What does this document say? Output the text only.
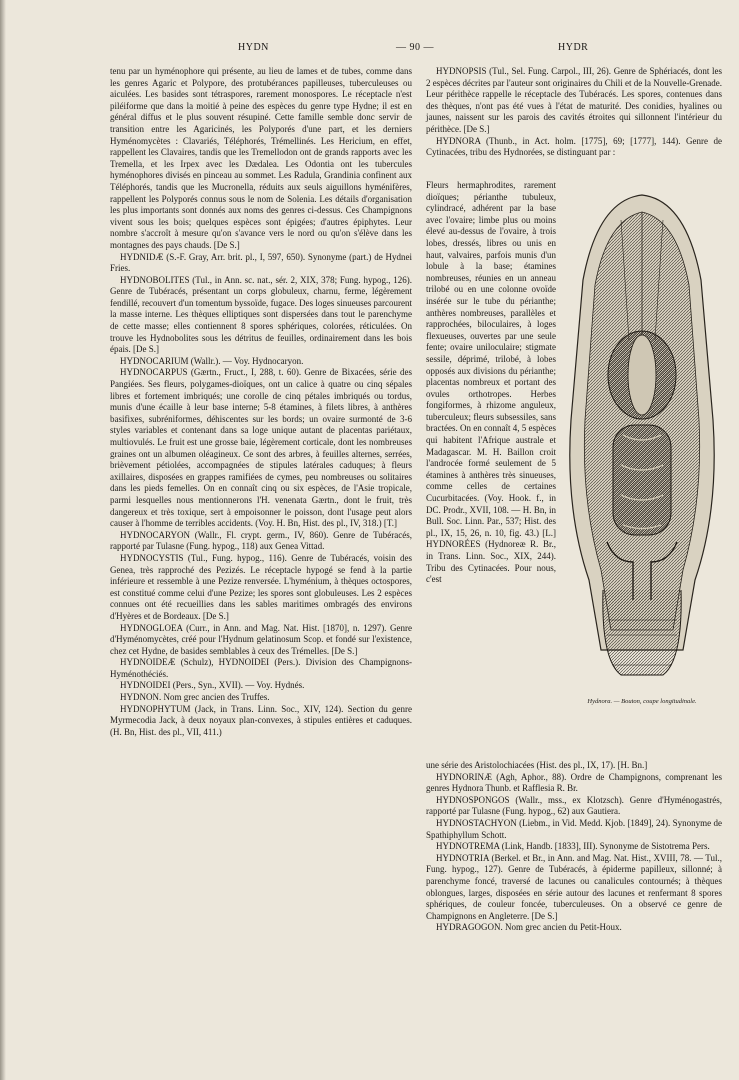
HYDN	— 90 —	HYDR

tenu par un hyménophore qui présente, au lieu de lames et de tubes, comme dans les genres Agaric et Polypore, des protubérances papilleuses, tuberculeuses ou aiculées. Les basides sont tétraspores, rarement monospores. Le réceptacle n'est piléiforme que dans la moitié à peine des espèces du genre type Hydne; il est en général diffus et le plus souvent résupiné. Cette famille semble donc servir de transition entre les Agaricinés, les Polyporés d'une part, et les derniers Hyménomycètes : Clavariés, Téléphorés, Trémellinés. Les Hericium, en effet, rappellent les Clavaires, tandis que les Tremellodon ont de grands rapports avec les Tremella, et les Irpex avec les Dædalea. Les Odontia ont les tubercules hyménophores divisés en pinceau au sommet. Les Radula, Grandinia confinent aux Téléphorés, tandis que les Mucronella, réduits aux seuls aiguillons hyménifères, rappellent les Polyporés connus sous le nom de Solenia. Les détails d'organisation les plus importants sont donnés aux noms des genres ci-dessus. Ces Champignons vivent sous les bois; quelques espèces sont épigées; d'autres épiphytes. Leur nombre s'accroît à mesure qu'on s'avance vers le nord ou qu'on s'élève dans les montagnes des pays chauds. [De S.]

HYDNIDÆ (S.-F. Gray, Arr. brit. pl., I, 597, 650). Synonyme (part.) de Hydnei Fries.

HYDNOBOLITES (Tul., in Ann. sc. nat., sér. 2, XIX, 378; Fung. hypog., 126). Genre de Tubéracés, présentant un corps globuleux, charnu, ferme, légèrement fendillé, recouvert d'un tomentum byssoïde, fugace. Des loges sinueuses parcourent la masse interne. Les thèques elliptiques sont dispersées dans tout le parenchyme de cette masse; elles contiennent 8 spores sphériques, colorées, réticulées. On trouve les Hydnobolites sous les détritus de feuilles, ordinairement dans les bois épais. [De S.]

HYDNOCARIUM (Wallr.). — Voy. Hydnocaryon.

HYDNOCARPUS (Gærtn., Fruct., I, 288, t. 60). Genre de Bixacées, série des Pangiées. Ses fleurs, polygames-dioïques, ont un calice à quatre ou cinq sépales libres et fortement imbriqués; une corolle de cinq pétales imbriqués ou tordus, munis d'une écaille à leur base interne; 5-8 étamines, à filets libres, à anthères basifixes, subréniformes, déhiscentes sur les bords; un ovaire surmonté de 3-6 styles variables et contenant dans sa loge unique autant de placentas pariétaux, multiovulés. Le fruit est une grosse baie, légèrement corticale, dont les nombreuses graines ont un albumen oléagineux. Ce sont des arbres, à feuilles alternes, serrées, brièvement pétiolées, accompagnées de stipules latérales caduques; à fleurs axillaires, disposées en grappes ramifiées de cymes, peu nombreuses ou solitaires dans les pieds femelles. On en connaît cinq ou six espèces, de l'Asie tropicale, parmi lesquelles nous mentionnerons l'H. venenata Gærtn., dont le fruit, très dangereux et très toxique, sert à empoisonner le poisson, dont l'usage peut alors causer à l'homme de terribles accidents. (Voy. H. Bn, Hist. des pl., IV, 318.) [T.]

HYDNOCARYON (Wallr., Fl. crypt. germ., IV, 860). Genre de Tubéracés, rapporté par Tulasne (Fung. hypog., 118) aux Genea Vittad.

HYDNOCYSTIS (Tul., Fung. hypog., 116). Genre de Tubéracés, voisin des Genea, très rapproché des Pezizés. Le réceptacle hypogé se fend à la partie inférieure et ressemble à une Pezize renversée. L'hyménium, à thèques octospores, est constitué comme celui d'une Pezize; les spores sont globuleuses. Les 2 espèces connues ont été recueillies dans les sables maritimes ombragés des environs d'Hyères et de Bordeaux. [De S.]

HYDNOGLOEA (Curr., in Ann. and Mag. Nat. Hist. [1870], n. 1297). Genre d'Hyménomycètes, créé pour l'Hydnum gelatinosum Scop. et fondé sur l'existence, chez cet Hydne, de basides semblables à ceux des Trémelles. [De S.]

HYDNOIDEÆ (Schulz), HYDNOIDEI (Pers.). Division des Champignons-Hyménothéciés.

HYDNOIDEI (Pers., Syn., XVII). — Voy. Hydnés.

HYDNON. Nom grec ancien des Truffes.

HYDNOPHYTUM (Jack, in Trans. Linn. Soc., XIV, 124). Section du genre Myrmecodia Jack, à deux noyaux plan-convexes, à stipules entières et caduques. (H. Bn, Hist. des pl., VII, 411.)

HYDNOPSIS (Tul., Sel. Fung. Carpol., III, 26). Genre de Sphériacés, dont les 2 espèces décrites par l'auteur sont originaires du Chili et de la Nouvelle-Grenade. Leur périthèce rappelle le réceptacle des Tubéracés. Les spores, contenues dans des thèques, n'ont pas été vues à l'état de maturité. Des conidies, hyalines ou jaunes, naissent sur les parois des cavités étroites qui sillonnent l'intérieur du périthèce. [De S.]

HYDNORA (Thunb., in Act. holm. [1775], 69; [1777], 144). Genre de Cytinacées, tribu des Hydnorées, se distinguant par :

Fleurs hermaphrodites, rarement dioïques; périanthe tubuleux, cylindracé, adhérent par la base avec l'ovaire; limbe plus ou moins élevé au-dessus de l'ovaire, à trois lobes, dressés, libres ou unis en haut, valvaires, parfois munis d'un lobule à la base; étamines nombreuses, réunies en un anneau trilobé ou en une colonne ovoïde insérée sur le tube du périanthe; anthères nombreuses, parallèles et rapprochées, biloculaires, à loges flexueuses, ouvertes par une seule fente; ovaire uniloculaire; stigmate sessile, déprimé, trilobé, à lobes opposés aux divisions du périanthe; placentas nombreux et portant des ovules orthotropes. Herbes fongiformes, à rhizome anguleux, tuberculeux; fleurs subsessiles, sans bractées. On en connaît 4, 5 espèces qui habitent l'Afrique australe et Madagascar. M. H. Baillon croit l'androcée formé seulement de 5 étamines à anthères très sinueuses, comme celles de certaines Cucurbitacées. (Voy. Hook. f., in DC. Prodr., XVII, 108. — H. Bn, in Bull. Soc. Linn. Par., 537; Hist. des pl., IX, 15, 26, n. 10, fig. 43.) [L.] HYDNORÉES (Hydnoreæ R. Br., in Trans. Linn. Soc., XIX, 244). Tribu des Cytinacées. Pour nous, c'est

Hydnora. — Bouton, coupe longitudinale.

une série des Aristolochiacées (Hist. des pl., IX, 17). [H. Bn.]

HYDNORINÆ (Agh, Aphor., 88). Ordre de Champignons, comprenant les genres Hydnora Thunb. et Rafflesia R. Br.

HYDNOSPONGOS (Wallr., mss., ex Klotzsch). Genre d'Hyménogastrés, rapporté par Tulasne (Fung. hypog., 62) aux Gautiera.

HYDNOSTACHYON (Liebm., in Vid. Medd. Kjob. [1849], 24). Synonyme de Spathiphyllum Schott.

HYDNOTREMA (Link, Handb. [1833], III). Synonyme de Sistotrema Pers.

HYDNOTRIA (Berkel. et Br., in Ann. and Mag. Nat. Hist., XVIII, 78. — Tul., Fung. hypog., 127). Genre de Tubéracés, à épiderme papilleux, sillonné; à parenchyme foncé, traversé de lacunes ou canalicules contournés; à thèques oblongues, larges, disposées en série autour des lacunes et renfermant 8 spores sphériques, de couleur foncée, tuberculeuses. On a observé ce genre de Champignons en Angleterre. [De S.]

HYDRAGOGON. Nom grec ancien du Petit-Houx.
